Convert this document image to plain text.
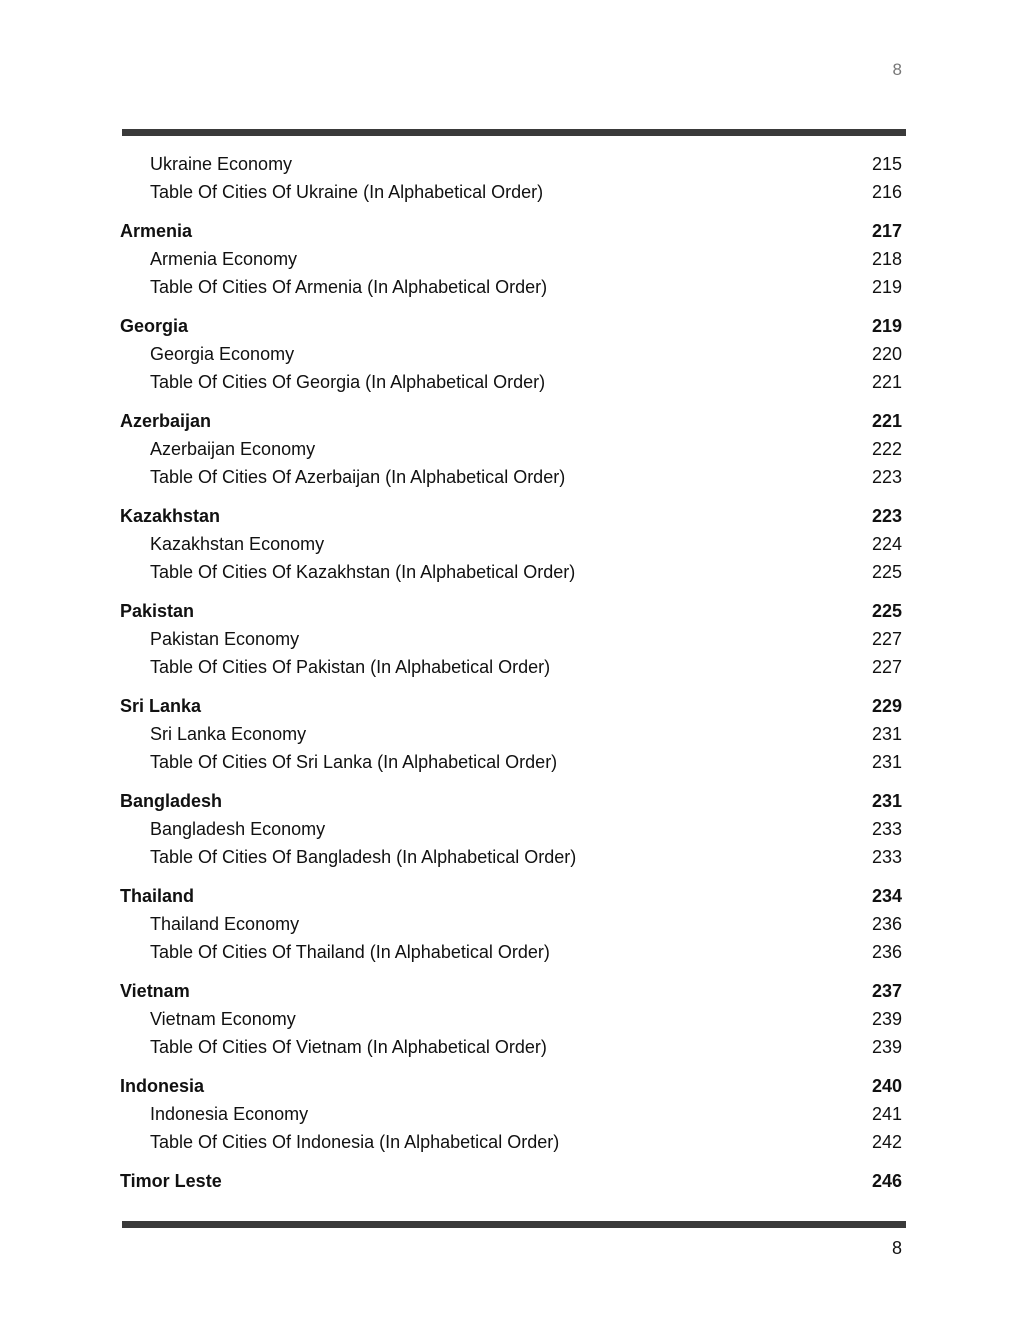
8
Ukraine Economy	215
Table Of Cities Of Ukraine (In Alphabetical Order)	216
Armenia	217
Armenia Economy	218
Table Of Cities Of Armenia (In Alphabetical Order)	219
Georgia	219
Georgia Economy	220
Table Of Cities Of Georgia (In Alphabetical Order)	221
Azerbaijan	221
Azerbaijan Economy	222
Table Of Cities Of Azerbaijan (In Alphabetical Order)	223
Kazakhstan	223
Kazakhstan Economy	224
Table Of Cities Of Kazakhstan (In Alphabetical Order)	225
Pakistan	225
Pakistan Economy	227
Table Of Cities Of Pakistan (In Alphabetical Order)	227
Sri Lanka	229
Sri Lanka Economy	231
Table Of Cities Of Sri Lanka (In Alphabetical Order)	231
Bangladesh	231
Bangladesh Economy	233
Table Of Cities Of Bangladesh (In Alphabetical Order)	233
Thailand	234
Thailand Economy	236
Table Of Cities Of Thailand (In Alphabetical Order)	236
Vietnam	237
Vietnam Economy	239
Table Of Cities Of Vietnam (In Alphabetical Order)	239
Indonesia	240
Indonesia Economy	241
Table Of Cities Of Indonesia (In Alphabetical Order)	242
Timor Leste	246
8
